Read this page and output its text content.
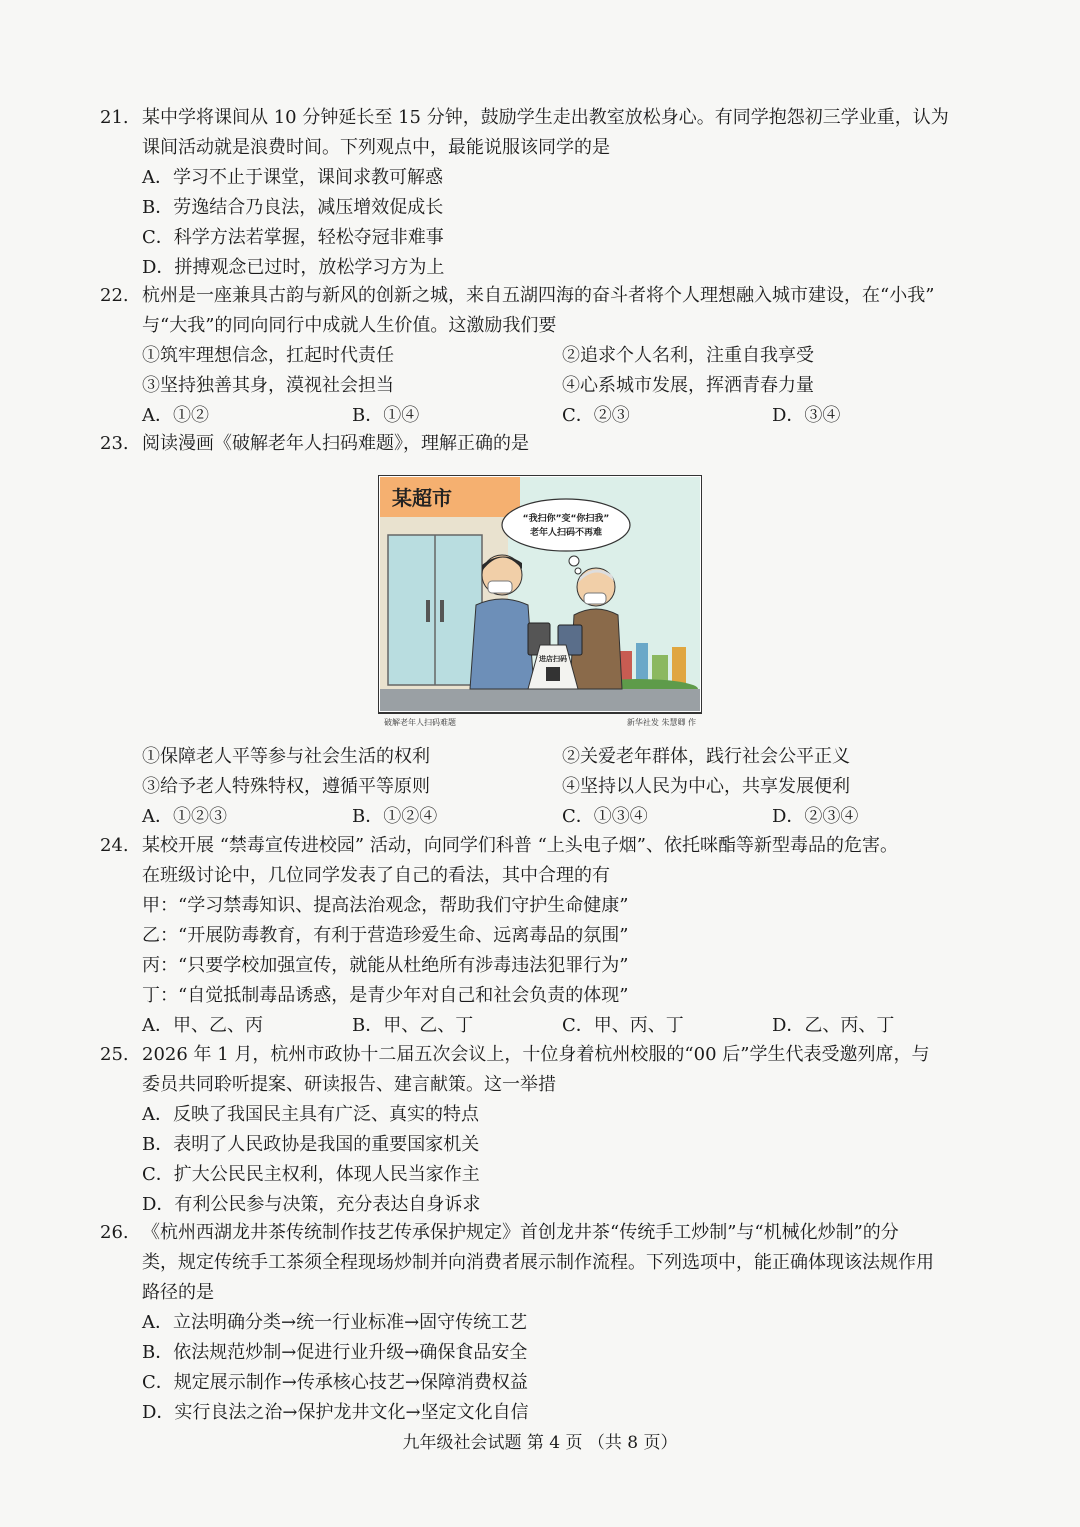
21. 某中学将课间从 10 分钟延长至 15 分钟，鼓励学生走出教室放松身心。有同学抱怨初三学业重，认为
课间活动就是浪费时间。下列观点中，最能说服该同学的是
A．学习不止于课堂，课间求教可解惑
B．劳逸结合乃良法，减压增效促成长
C．科学方法若掌握，轻松夺冠非难事
D．拼搏观念已过时，放松学习方为上
22. 杭州是一座兼具古韵与新风的创新之城，来自五湖四海的奋斗者将个人理想融入城市建设，在“小我”
与“大我”的同向同行中成就人生价值。这激励我们要
①筑牢理想信念，扛起时代责任	②追求个人名利，注重自我享受
③坚持独善其身，漠视社会担当	④心系城市发展，挥洒青春力量
A．①②	B．①④	C．②③	D．③④
23. 阅读漫画《破解老年人扫码难题》，理解正确的是
某超市
“我扫你”变“你扫我”
老年人扫码不再难
进店扫码
破解老年人扫码难题	新华社发 朱慧卿 作
①保障老人平等参与社会生活的权利	②关爱老年群体，践行社会公平正义
③给予老人特殊特权，遵循平等原则	④坚持以人民为中心，共享发展便利
A．①②③	B．①②④	C．①③④	D．②③④
24. 某校开展 “禁毒宣传进校园” 活动，向同学们科普 “上头电子烟”、依托咪酯等新型毒品的危害。
在班级讨论中，几位同学发表了自己的看法，其中合理的有
甲：“学习禁毒知识、提高法治观念，帮助我们守护生命健康”
乙：“开展防毒教育，有利于营造珍爱生命、远离毒品的氛围”
丙：“只要学校加强宣传，就能从杜绝所有涉毒违法犯罪行为”
丁：“自觉抵制毒品诱惑，是青少年对自己和社会负责的体现”
A．甲、乙、丙	B．甲、乙、丁	C．甲、丙、丁	D．乙、丙、丁
25. 2026 年 1 月，杭州市政协十二届五次会议上，十位身着杭州校服的“00 后”学生代表受邀列席，与
委员共同聆听提案、研读报告、建言献策。这一举措
A．反映了我国民主具有广泛、真实的特点
B．表明了人民政协是我国的重要国家机关
C．扩大公民民主权利，体现人民当家作主
D．有利公民参与决策，充分表达自身诉求
26. 《杭州西湖龙井茶传统制作技艺传承保护规定》首创龙井茶“传统手工炒制”与“机械化炒制”的分
类，规定传统手工茶须全程现场炒制并向消费者展示制作流程。下列选项中，能正确体现该法规作用
路径的是
A．立法明确分类→统一行业标准→固守传统工艺
B．依法规范炒制→促进行业升级→确保食品安全
C．规定展示制作→传承核心技艺→保障消费权益
D．实行良法之治→保护龙井文化→坚定文化自信
九年级社会试题 第 4 页 （共 8 页）
